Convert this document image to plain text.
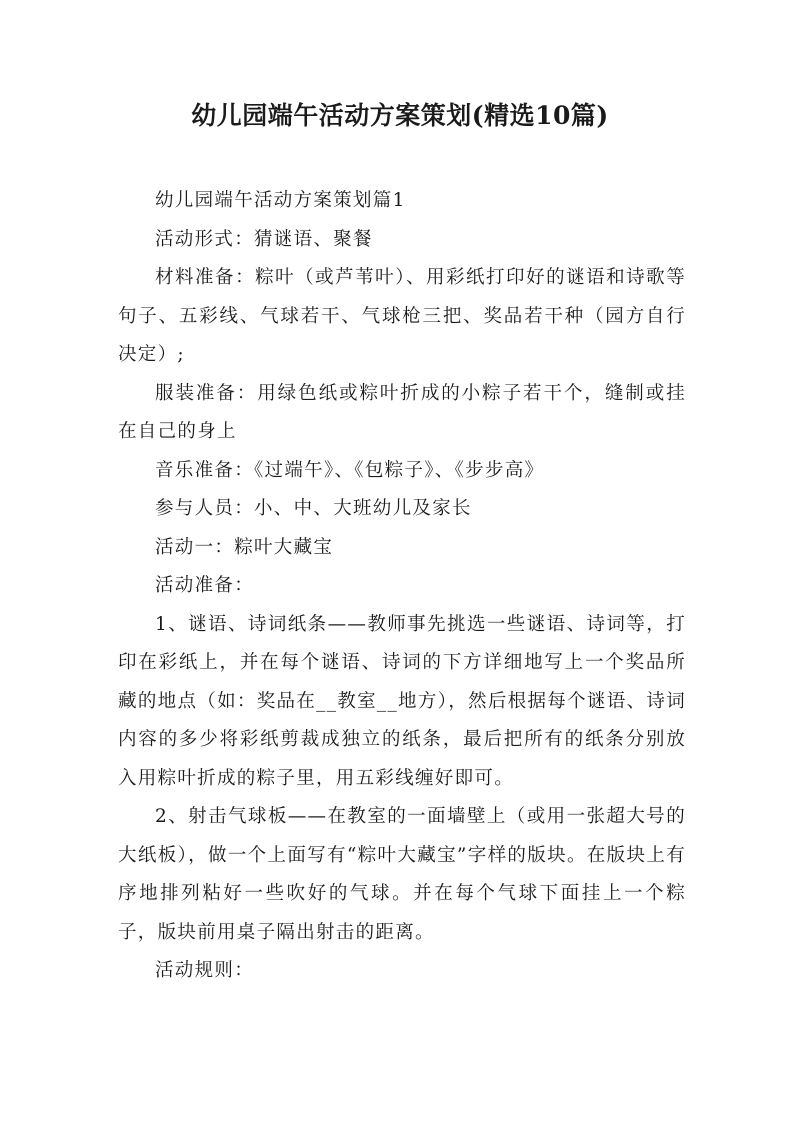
幼儿园端午活动方案策划(精选10篇)

幼儿园端午活动方案策划篇1

活动形式：猜谜语、聚餐

材料准备：粽叶（或芦苇叶）、用彩纸打印好的谜语和诗歌等句子、五彩线、气球若干、气球枪三把、奖品若干种（园方自行决定）;

服装准备：用绿色纸或粽叶折成的小粽子若干个，缝制或挂在自己的身上

音乐准备：《过端午》、《包粽子》、《步步高》

参与人员：小、中、大班幼儿及家长

活动一：粽叶大藏宝

活动准备：

1、谜语、诗词纸条——教师事先挑选一些谜语、诗词等，打印在彩纸上，并在每个谜语、诗词的下方详细地写上一个奖品所藏的地点（如：奖品在__教室__地方），然后根据每个谜语、诗词内容的多少将彩纸剪裁成独立的纸条，最后把所有的纸条分别放入用粽叶折成的粽子里，用五彩线缠好即可。

2、射击气球板——在教室的一面墙壁上（或用一张超大号的大纸板），做一个上面写有“粽叶大藏宝”字样的版块。在版块上有序地排列粘好一些吹好的气球。并在每个气球下面挂上一个粽子，版块前用桌子隔出射击的距离。

活动规则：
